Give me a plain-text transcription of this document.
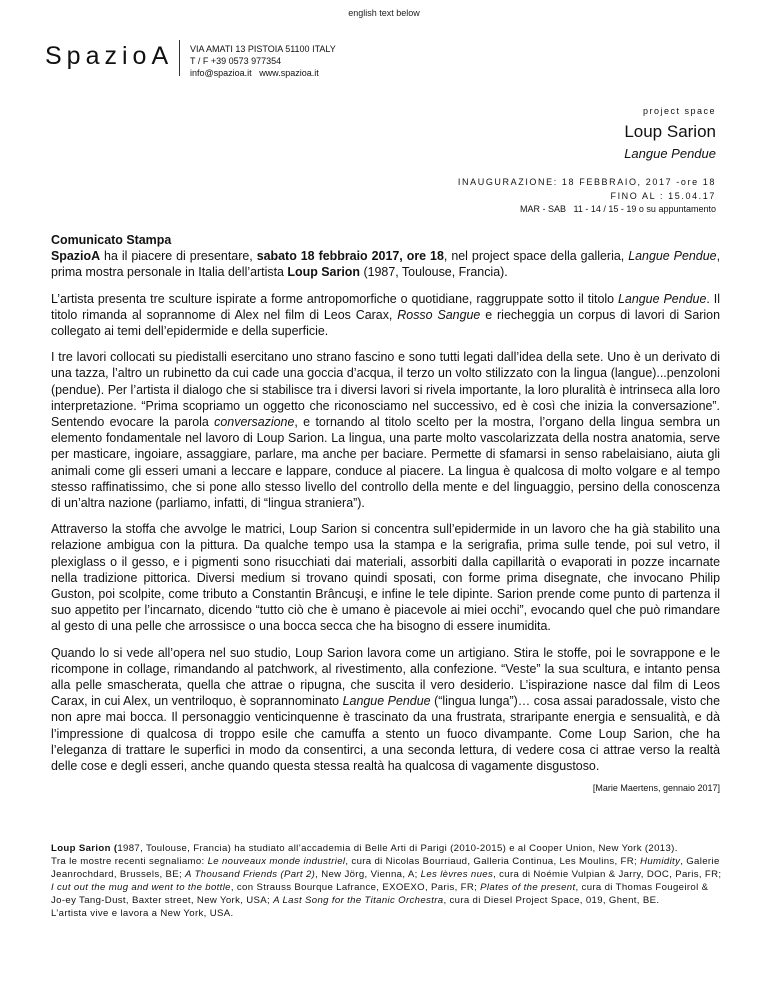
english text below
SpazioA VIA AMATI 13 PISTOIA 51100 ITALY
T / F +39 0573 977354
info@spazioa.it www.spazioa.it
project space
Loup Sarion
Langue Pendue
INAUGURAZIONE: 18 FEBBRAIO, 2017 -ore 18
FINO AL : 15.04.17
MAR - SAB   11 - 14 / 15 - 19 o su appuntamento

Comunicato Stampa

SpazioA ha il piacere di presentare, sabato 18 febbraio 2017, ore 18, nel project space della galleria, Langue Pendue, prima mostra personale in Italia dell’artista Loup Sarion (1987, Toulouse, Francia).

L’artista presenta tre sculture ispirate a forme antropomorfiche o quotidiane, raggruppate sotto il titolo Langue Pendue. Il titolo rimanda al soprannome di Alex nel film di Leos Carax, Rosso Sangue e riecheggia un corpus di lavori di Sarion collegato ai temi dell’epidermide e della superficie.

I tre lavori collocati su piedistalli esercitano uno strano fascino e sono tutti legati dall’idea della sete. Uno è un derivato di una tazza, l’altro un rubinetto da cui cade una goccia d’acqua, il terzo un volto stilizzato con la lingua (langue)...penzoloni (pendue). Per l’artista il dialogo che si stabilisce tra i diversi lavori si rivela importante, la loro pluralità è intrinseca alla loro interpretazione. “Prima scopriamo un oggetto che riconosciamo nel successivo, ed è così che inizia la conversazione”. Sentendo evocare la parola conversazione, e tornando al titolo scelto per la mostra, l’organo della lingua sembra un elemento fondamentale nel lavoro di Loup Sarion. La lingua, una parte molto vascolarizzata della nostra anatomia, serve per masticare, ingoiare, assaggiare, parlare, ma anche per baciare. Permette di sfamarsi in senso rabelaisiano, aiuta gli animali come gli esseri umani a leccare e lappare, conduce al piacere. La lingua è qualcosa di molto volgare e al tempo stesso raffinatissimo, che si pone allo stesso livello del controllo della mente e del linguaggio, persino della conoscenza di un’altra nazione (parliamo, infatti, di “lingua straniera”).

Attraverso la stoffa che avvolge le matrici, Loup Sarion si concentra sull’epidermide in un lavoro che ha già stabilito una relazione ambigua con la pittura. Da qualche tempo usa la stampa e la serigrafia, prima sulle tende, poi sul vetro, il plexiglass o il gesso, e i pigmenti sono risucchiati dai materiali, assorbiti dalla capillarità o evaporati in pozze incarnate nella tradizione pittorica. Diversi medium si trovano quindi sposati, con forme prima disegnate, che invocano Philip Guston, poi scolpite, come tributo a Constantin Brâncuşi, e infine le tele dipinte. Sarion prende come punto di partenza il suo appetito per l’incarnato, dicendo “tutto ciò che è umano è piacevole ai miei occhi”, evocando quel che può rimandare al gesto di una pelle che arrossisce o una bocca secca che ha bisogno di essere inumidita.

Quando lo si vede all’opera nel suo studio, Loup Sarion lavora come un artigiano. Stira le stoffe, poi le sovrappone e le ricompone in collage, rimandando al patchwork, al rivestimento, alla confezione. “Veste” la sua scultura, e intanto pensa alla pelle smascherata, quella che attrae o ripugna, che suscita il vero desiderio. L’ispirazione nasce dal film di Leos Carax, in cui Alex, un ventriloquo, è soprannominato Langue Pendue (“lingua lunga”)… cosa assai paradossale, visto che non apre mai bocca. Il personaggio venticinquenne è trascinato da una frustrata, straripante energia e sensualità, e dà l’impressione di qualcosa di troppo esile che camuffa a stento un fuoco divampante. Come Loup Sarion, che ha l’eleganza di trattare le superfici in modo da consentirci, a una seconda lettura, di vedere cosa ci attrae verso la realtà delle cose e degli esseri, anche quando questa stessa realtà ha qualcosa di vagamente disgustoso.

[Marie Maertens, gennaio 2017]

Loup Sarion (1987, Toulouse, Francia) ha studiato all’accademia di Belle Arti di Parigi (2010-2015) e al Cooper Union, New York (2013).

Tra le mostre recenti segnaliamo: Le nouveaux monde industriel, cura di Nicolas Bourriaud, Galleria Continua, Les Moulins, FR; Humidity, Galerie Jeanrochdard, Brussels, BE; A Thousand Friends (Part 2), New Jörg, Vienna, A; Les lèvres nues, cura di Noémie Vulpian & Jarry, DOC, Paris, FR; I cut out the mug and went to the bottle, con Strauss Bourque Lafrance, EXOEXO, Paris, FR; Plates of the present, cura di Thomas Fougeirol & Jo-ey Tang-Dust, Baxter street, New York, USA; A Last Song for the Titanic Orchestra, cura di Diesel Project Space, 019, Ghent, BE.

L’artista vive e lavora a New York, USA.
